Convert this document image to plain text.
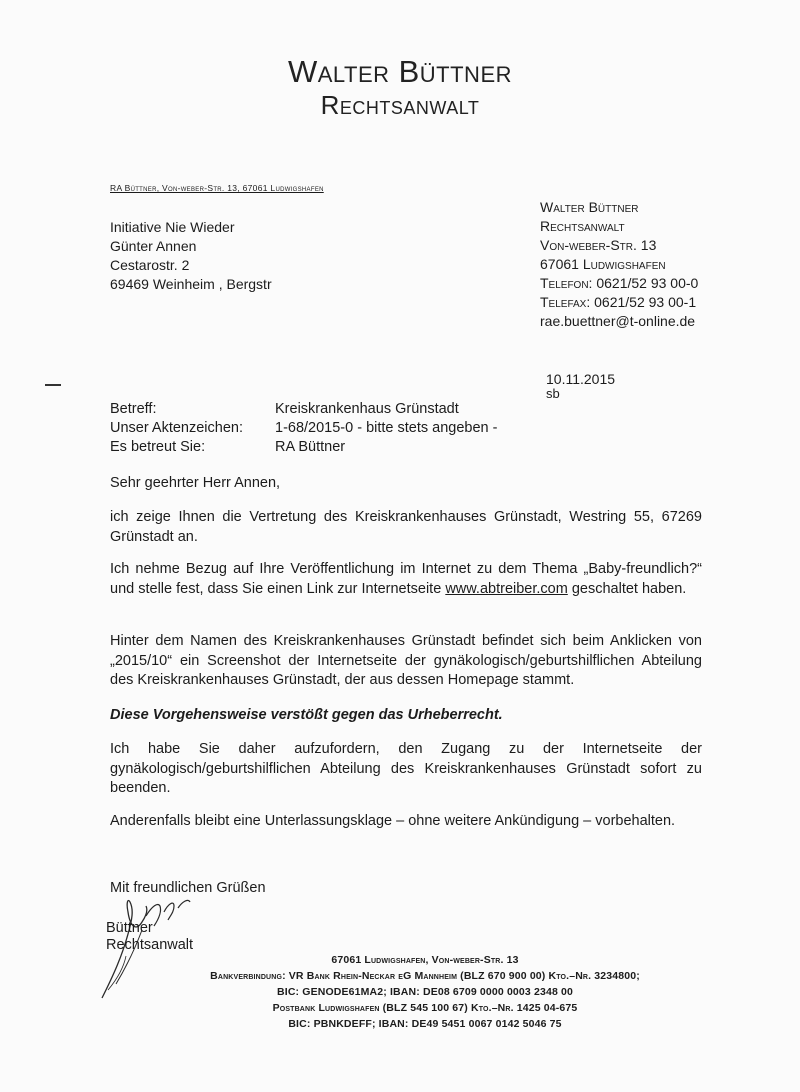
Walter Büttner
Rechtsanwalt
RA Büttner, Von-weber-Str. 13, 67061 Ludwigshafen
Initiative Nie Wieder
Günter Annen
Cestarostr. 2
69469 Weinheim , Bergstr
Walter Büttner
Rechtsanwalt
Von-weber-Str. 13
67061 Ludwigshafen
Telefon: 0621/52 93 00-0
Telefax: 0621/52 93 00-1
rae.buettner@t-online.de
10.11.2015
sb
Betreff:	Kreiskrankenhaus Grünstadt
Unser Aktenzeichen: 1-68/2015-0 - bitte stets angeben -
Es betreut Sie:	RA Büttner
Sehr geehrter Herr Annen,
ich zeige Ihnen die Vertretung des Kreiskrankenhauses Grünstadt, Westring 55, 67269 Grünstadt an.
Ich nehme Bezug auf Ihre Veröffentlichung im Internet zu dem Thema „Baby-freundlich?“ und stelle fest, dass Sie einen Link zur Internetseite www.abtreiber.com geschaltet haben.
Hinter dem Namen des Kreiskrankenhauses Grünstadt befindet sich beim Anklicken von „2015/10“ ein Screenshot der Internetseite der gynäkologisch/geburtshilflichen Abteilung des Kreiskrankenhauses Grünstadt, der aus dessen Homepage stammt.
Diese Vorgehensweise verstößt gegen das Urheberrecht.
Ich habe Sie daher aufzufordern, den Zugang zu der Internetseite der gynäkologisch/geburtshilflichen Abteilung des Kreiskrankenhauses Grünstadt sofort zu beenden.
Anderenfalls bleibt eine Unterlassungsklage – ohne weitere Ankündigung – vorbehalten.
Mit freundlichen Grüßen
Büttner
Rechtsanwalt
67061 Ludwigshafen, Von-weber-Str. 13
Bankverbindung: VR Bank Rhein-Neckar eG Mannheim (BLZ 670 900 00) Kto.–Nr. 3234800;
BIC: GENODE61MA2; IBAN: DE08 6709 0000 0003 2348 00
Postbank Ludwigshafen (BLZ 545 100 67) Kto.–Nr. 1425 04-675
BIC: PBNKDEFF; IBAN: DE49 5451 0067 0142 5046 75
